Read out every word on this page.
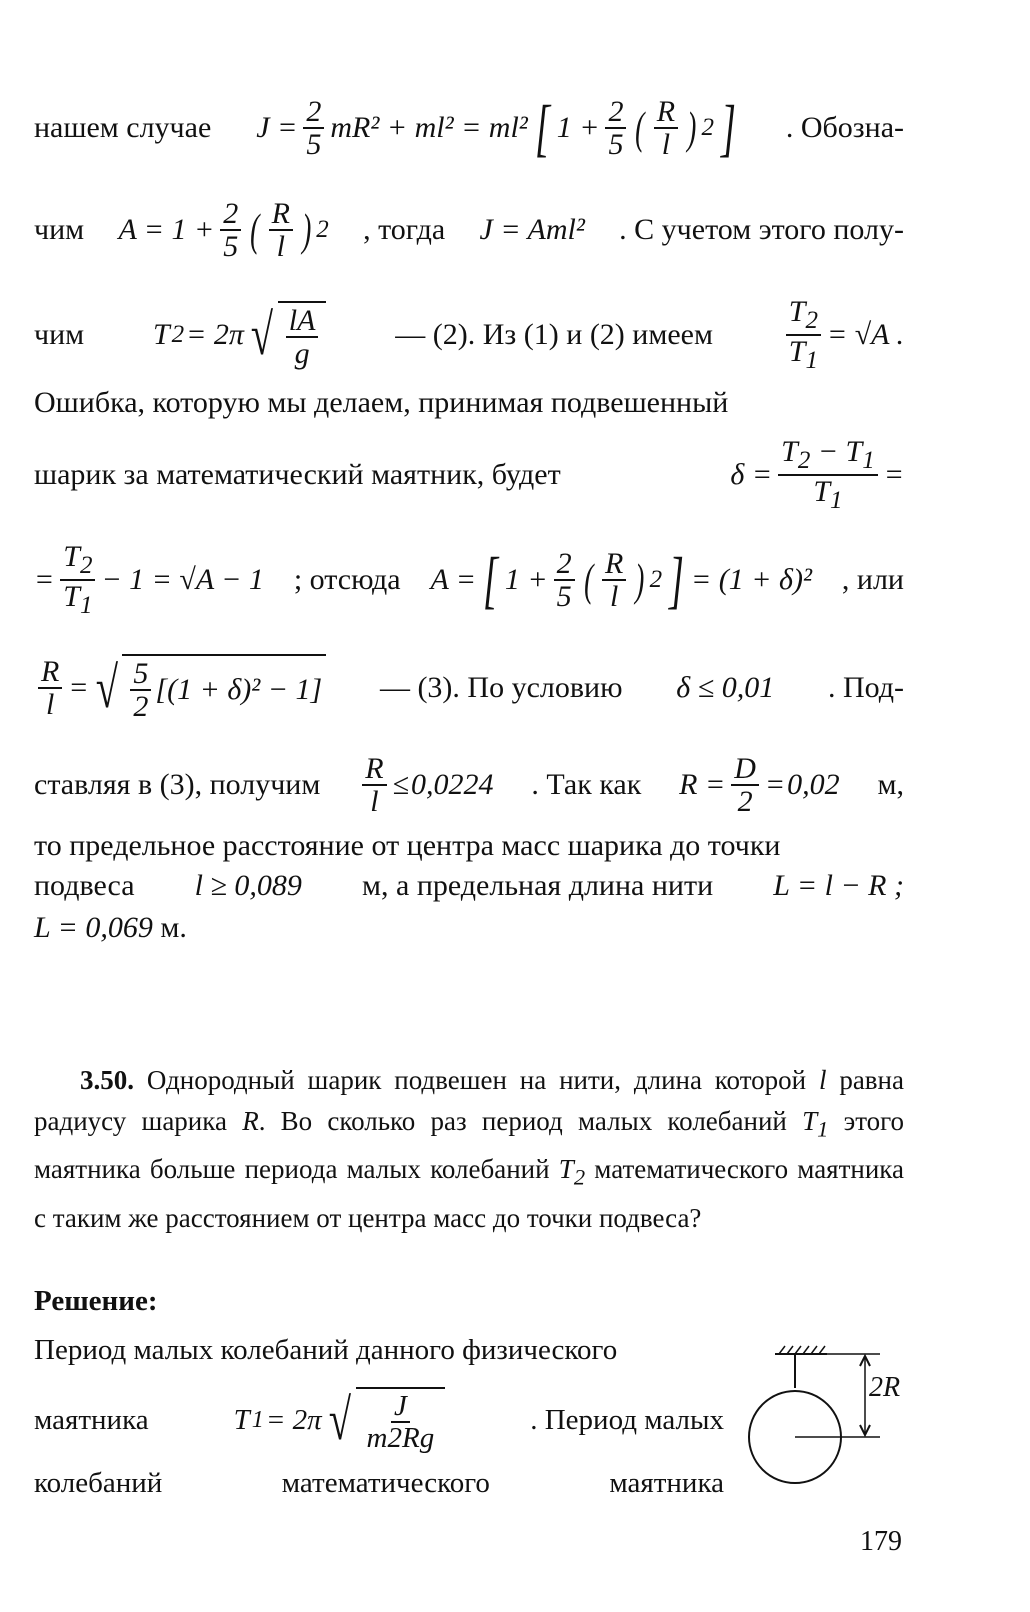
нашем случае $J = \frac{2}{5} mR^2 + ml^2 = ml^2$ [ $1 + \frac{2}{5}$ ( $\frac{R}{l}$ ) 2 ] . Обозна-
чим $A = 1 + \frac{2}{5}$ ( $\frac{R}{l}$ ) 2 , тогда J = Aml² . С учетом этого полу-
чим T 2 = 2π √ $\frac{lA}{g}$	— (2). Из (1) и (2) имеем $\frac{T_2}{T_1} = √A$ .
Ошибка, которую мы делаем, принимая подвешенный
шарик за математический маятник, будет	$\delta = \frac{T_2 - T_1}{T_1}$ =
= $\frac{T_2}{T_1} - 1 = √A - 1$ ; отсюда A = [ $1 + \frac{2}{5}$ ( $\frac{R}{l}$ ) 2 ] = (1 + δ)² , или
$\frac{R}{l}$ = √ $\frac{5}{2} [(1 + \delta)^2 - 1]$ — (3). По условию δ ≤ 0,01 . Под-
ставляя в (3), получим $\frac{R}{l} \le 0,0224$ . Так как $R = \frac{D}{2} = 0,02$ м,
то предельное расстояние от центра масс шарика до точки
подвеса l ≥ 0,089 м, а предельная длина нити L = l − R ;
L = 0,069
м.
3.50. Однородный шарик подвешен на нити, длина которой l равна радиусу шарика R. Во сколько раз период малых колебаний $T_1$ этого маятника больше периода малых колебаний $T_2$ математического маятника с таким же расстоянием от центра масс до точки подвеса?
Решение:
Период малых колебаний данного физического
маятника	T 1 = 2π √ $\frac{J}{m2Rg}$	. Период малых
колебаний	математического	маятника
2R
179
